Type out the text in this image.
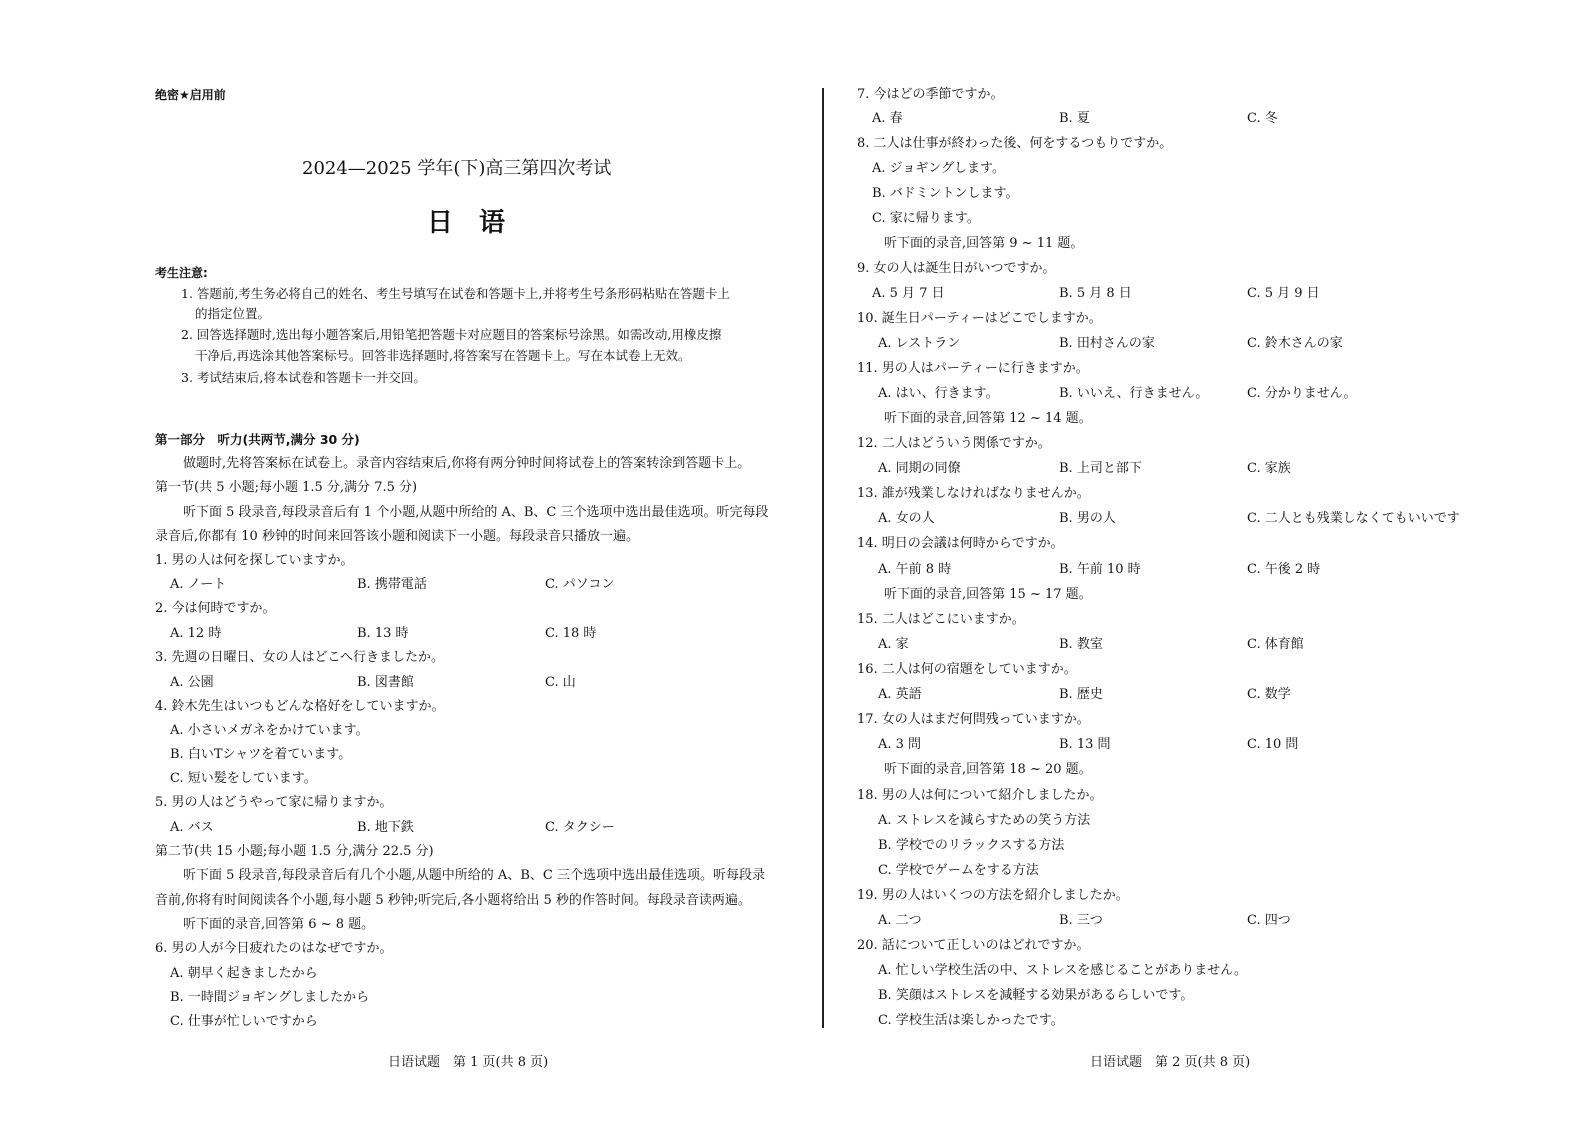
绝密★启用前
2024—2025 学年(下)高三第四次考试
日　语
考生注意:
1. 答题前,考生务必将自己的姓名、考生号填写在试卷和答题卡上,并将考生号条形码粘贴在答题卡上
的指定位置。
2. 回答选择题时,选出每小题答案后,用铅笔把答题卡对应题目的答案标号涂黑。如需改动,用橡皮擦
干净后,再选涂其他答案标号。回答非选择题时,将答案写在答题卡上。写在本试卷上无效。
3. 考试结束后,将本试卷和答题卡一并交回。
第一部分　听力(共两节,满分 30 分)
做题时,先将答案标在试卷上。录音内容结束后,你将有两分钟时间将试卷上的答案转涂到答题卡上。
第一节(共 5 小题;每小题 1.5 分,满分 7.5 分)
听下面 5 段录音,每段录音后有 1 个小题,从题中所给的 A、B、C 三个选项中选出最佳选项。听完每段
录音后,你都有 10 秒钟的时间来回答该小题和阅读下一小题。每段录音只播放一遍。
1. 男の人は何を探していますか。
A. ノート	B. 携帯電話	C. パソコン
2. 今は何時ですか。
A. 12 時	B. 13 時	C. 18 時
3. 先週の日曜日、女の人はどこへ行きましたか。
A. 公園	B. 図書館	C. 山
4. 鈴木先生はいつもどんな格好をしていますか。
A. 小さいメガネをかけています。
B. 白いTシャツを着ています。
C. 短い髪をしています。
5. 男の人はどうやって家に帰りますか。
A. バス	B. 地下鉄	C. タクシー
第二节(共 15 小题;每小题 1.5 分,满分 22.5 分)
听下面 5 段录音,每段录音后有几个小题,从题中所给的 A、B、C 三个选项中选出最佳选项。听每段录
音前,你将有时间阅读各个小题,每小题 5 秒钟;听完后,各小题将给出 5 秒的作答时间。每段录音读两遍。
听下面的录音,回答第 6 ~ 8 题。
6. 男の人が今日疲れたのはなぜですか。
A. 朝早く起きましたから
B. 一時間ジョギングしましたから
C. 仕事が忙しいですから
7. 今はどの季節ですか。
A. 春	B. 夏	C. 冬
8. 二人は仕事が終わった後、何をするつもりですか。
A. ジョギングします。
B. バドミントンします。
C. 家に帰ります。
听下面的录音,回答第 9 ~ 11 题。
9. 女の人は誕生日がいつですか。
A. 5 月 7 日	B. 5 月 8 日	C. 5 月 9 日
10. 誕生日パーティーはどこでしますか。
A. レストラン	B. 田村さんの家	C. 鈴木さんの家
11. 男の人はパーティーに行きますか。
A. はい、行きます。	B. いいえ、行きません。	C. 分かりません。
听下面的录音,回答第 12 ~ 14 题。
12. 二人はどういう関係ですか。
A. 同期の同僚	B. 上司と部下	C. 家族
13. 誰が残業しなければなりませんか。
A. 女の人	B. 男の人	C. 二人とも残業しなくてもいいです
14. 明日の会議は何時からですか。
A. 午前 8 時	B. 午前 10 時	C. 午後 2 時
听下面的录音,回答第 15 ~ 17 题。
15. 二人はどこにいますか。
A. 家	B. 教室	C. 体育館
16. 二人は何の宿題をしていますか。
A. 英語	B. 歴史	C. 数学
17. 女の人はまだ何問残っていますか。
A. 3 問	B. 13 問	C. 10 問
听下面的录音,回答第 18 ~ 20 题。
18. 男の人は何について紹介しましたか。
A. ストレスを減らすための笑う方法
B. 学校でのリラックスする方法
C. 学校でゲームをする方法
19. 男の人はいくつの方法を紹介しましたか。
A. 二つ	B. 三つ	C. 四つ
20. 話について正しいのはどれですか。
A. 忙しい学校生活の中、ストレスを感じることがありません。
B. 笑顔はストレスを減軽する効果があるらしいです。
C. 学校生活は楽しかったです。
日语试题　第 1 页(共 8 页)	日语试题　第 2 页(共 8 页)
